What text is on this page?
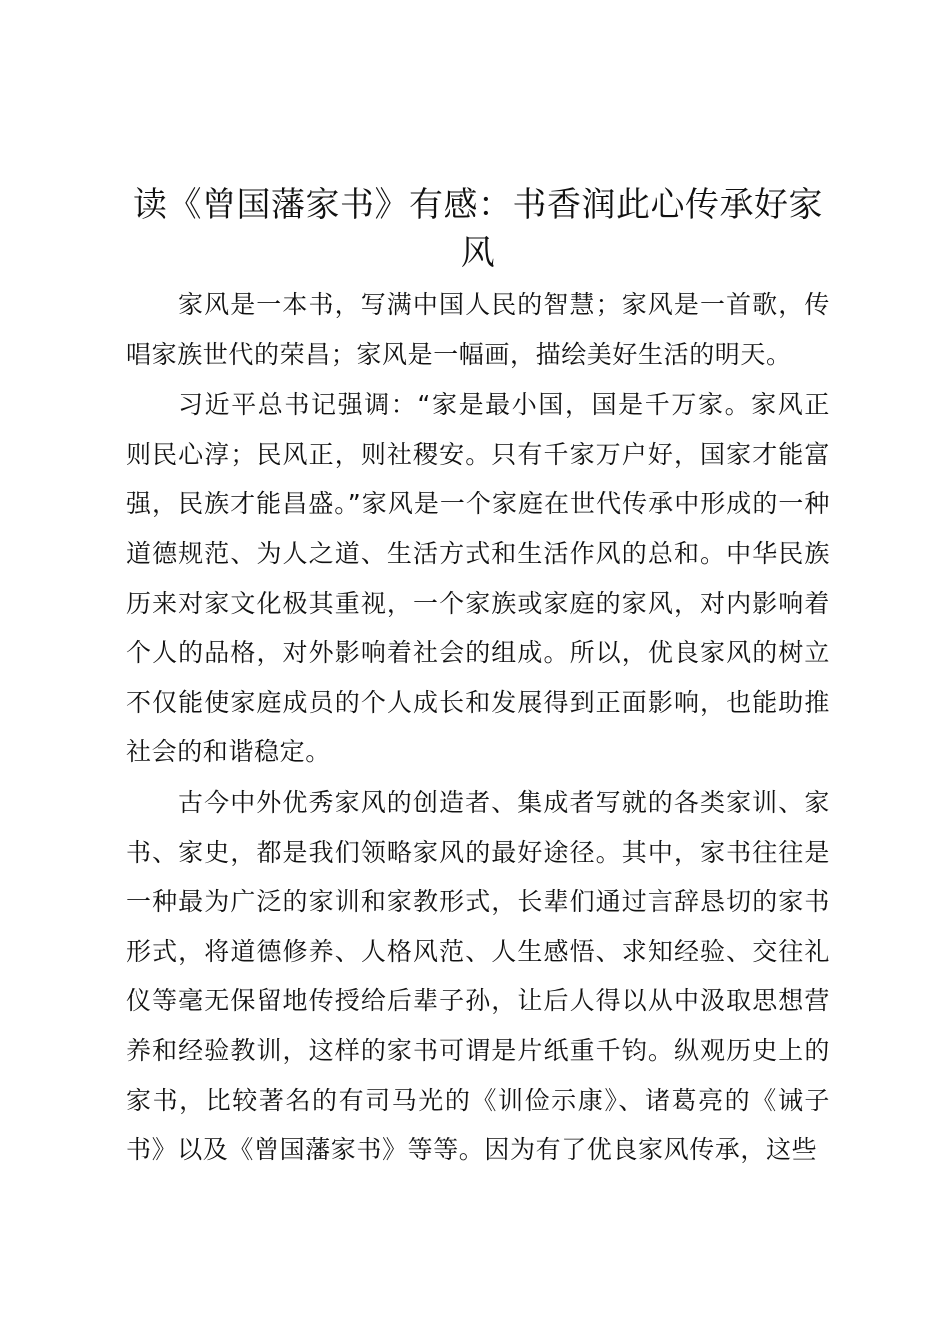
读《曾国藩家书》有感：书香润此心传承好家风

家风是一本书，写满中国人民的智慧；家风是一首歌，传唱家族世代的荣昌；家风是一幅画，描绘美好生活的明天。

习近平总书记强调：“家是最小国，国是千万家。家风正则民心淳；民风正，则社稷安。只有千家万户好，国家才能富强，民族才能昌盛。”家风是一个家庭在世代传承中形成的一种道德规范、为人之道、生活方式和生活作风的总和。中华民族历来对家文化极其重视，一个家族或家庭的家风，对内影响着个人的品格，对外影响着社会的组成。所以，优良家风的树立不仅能使家庭成员的个人成长和发展得到正面影响，也能助推社会的和谐稳定。

古今中外优秀家风的创造者、集成者写就的各类家训、家书、家史，都是我们领略家风的最好途径。其中，家书往往是一种最为广泛的家训和家教形式，长辈们通过言辞恳切的家书形式，将道德修养、人格风范、人生感悟、求知经验、交往礼仪等毫无保留地传授给后辈子孙，让后人得以从中汲取思想营养和经验教训，这样的家书可谓是片纸重千钧。纵观历史上的家书，比较著名的有司马光的《训俭示康》、诸葛亮的《诫子书》以及《曾国藩家书》等等。因为有了优良家风传承，这些
